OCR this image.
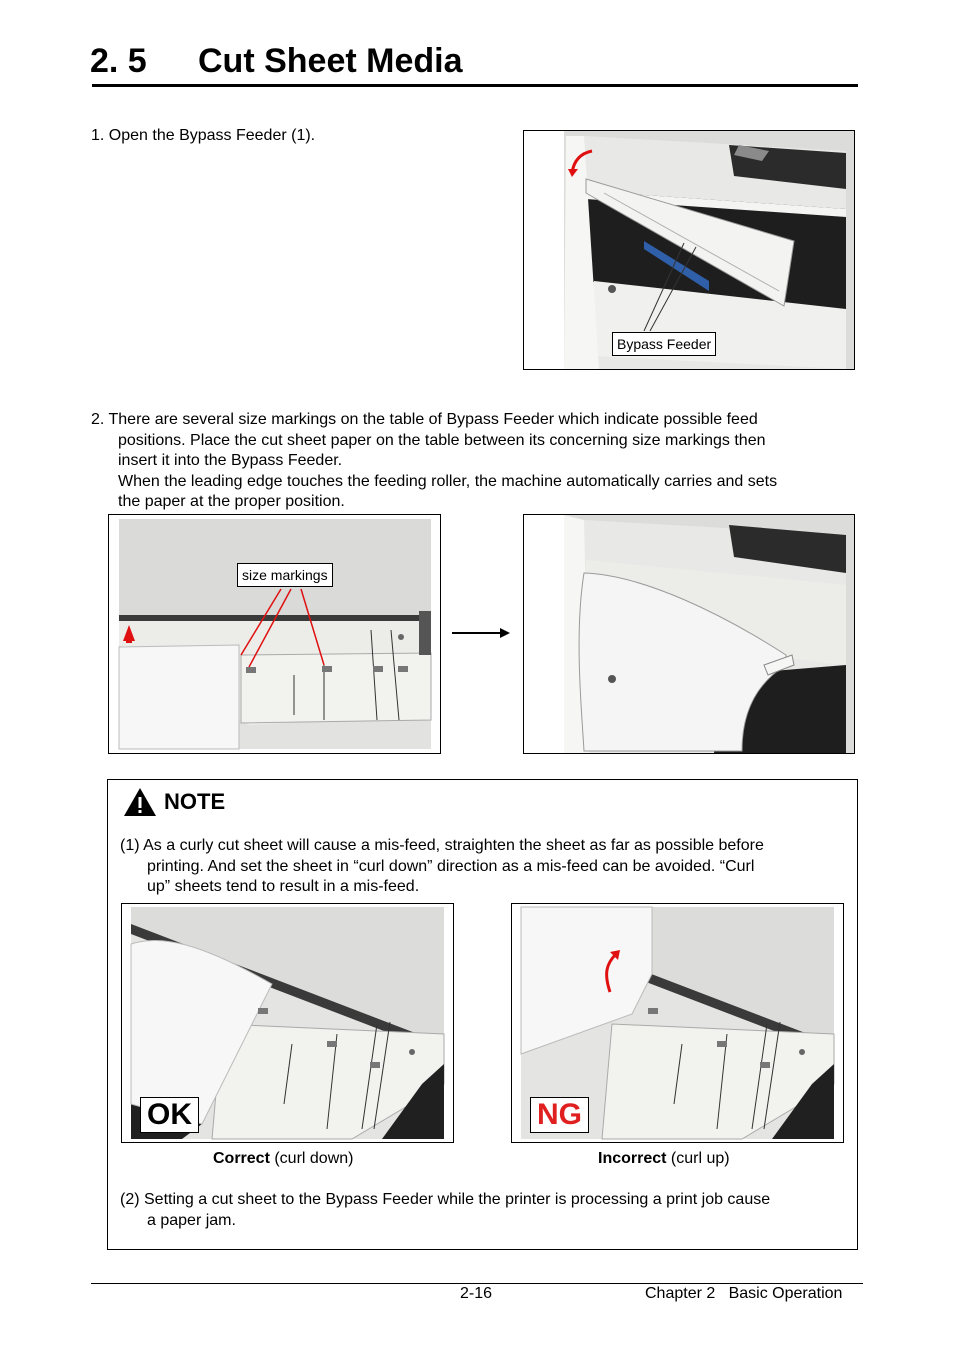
2. 5 Cut Sheet Media
1. Open the Bypass Feeder (1).
Bypass Feeder
2. There are several size markings on the table of Bypass Feeder which indicate possible feed
positions. Place the cut sheet paper on the table between its concerning size markings then
insert it into the Bypass Feeder.
When the leading edge touches the feeding roller, the machine automatically carries and sets
the paper at the proper position.
size markings
NOTE
(1) As a curly cut sheet will cause a mis-feed, straighten the sheet as far as possible before
printing. And set the sheet in “curl down” direction as a mis-feed can be avoided. “Curl
up” sheets tend to result in a mis-feed.
OK	NG
Correct (curl down)	Incorrect (curl up)
(2) Setting a cut sheet to the Bypass Feeder while the printer is processing a print job cause
a paper jam.
2-16	Chapter 2   Basic Operation
